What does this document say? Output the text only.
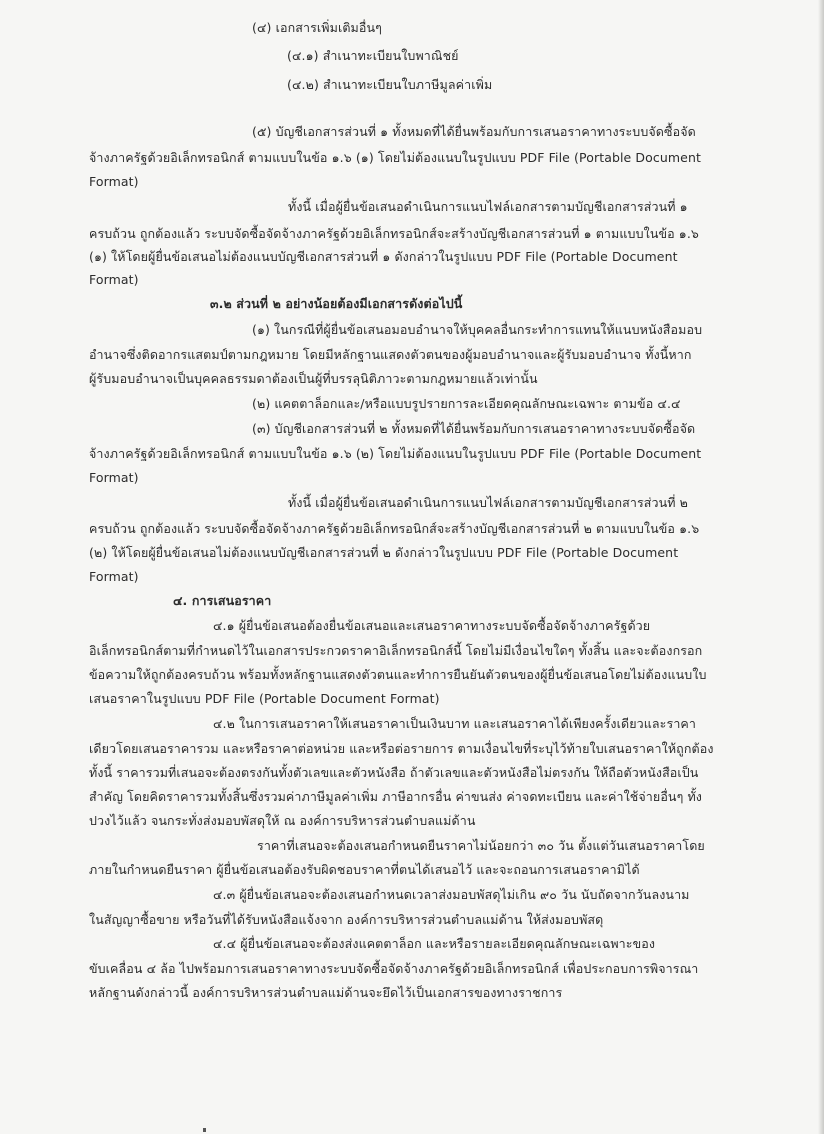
(๔) เอกสารเพิ่มเติมอื่นๆ
(๔.๑) สำเนาทะเบียนใบพาณิชย์
(๔.๒) สำเนาทะเบียนใบภาษีมูลค่าเพิ่ม
(๕) บัญชีเอกสารส่วนที่ ๑ ทั้งหมดที่ได้ยื่นพร้อมกับการเสนอราคาทางระบบจัดซื้อจัด
จ้างภาครัฐด้วยอิเล็กทรอนิกส์ ตามแบบในข้อ ๑.๖ (๑) โดยไม่ต้องแนบในรูปแบบ PDF File (Portable Document
Format)
ทั้งนี้ เมื่อผู้ยื่นข้อเสนอดำเนินการแนบไฟล์เอกสารตามบัญชีเอกสารส่วนที่ ๑
ครบถ้วน ถูกต้องแล้ว ระบบจัดซื้อจัดจ้างภาครัฐด้วยอิเล็กทรอนิกส์จะสร้างบัญชีเอกสารส่วนที่ ๑ ตามแบบในข้อ ๑.๖
(๑) ให้โดยผู้ยื่นข้อเสนอไม่ต้องแนบบัญชีเอกสารส่วนที่ ๑ ดังกล่าวในรูปแบบ PDF File (Portable Document
Format)
๓.๒ ส่วนที่ ๒ อย่างน้อยต้องมีเอกสารดังต่อไปนี้
(๑) ในกรณีที่ผู้ยื่นข้อเสนอมอบอำนาจให้บุคคลอื่นกระทำการแทนให้แนบหนังสือมอบ
อำนาจซึ่งติดอากรแสตมป์ตามกฎหมาย โดยมีหลักฐานแสดงตัวตนของผู้มอบอำนาจและผู้รับมอบอำนาจ ทั้งนี้หาก
ผู้รับมอบอำนาจเป็นบุคคลธรรมดาต้องเป็นผู้ที่บรรลุนิติภาวะตามกฎหมายแล้วเท่านั้น
(๒) แคตตาล็อกและ/หรือแบบรูปรายการละเอียดคุณลักษณะเฉพาะ ตามข้อ ๔.๔
(๓) บัญชีเอกสารส่วนที่ ๒ ทั้งหมดที่ได้ยื่นพร้อมกับการเสนอราคาทางระบบจัดซื้อจัด
จ้างภาครัฐด้วยอิเล็กทรอนิกส์ ตามแบบในข้อ ๑.๖ (๒) โดยไม่ต้องแนบในรูปแบบ PDF File (Portable Document
Format)
ทั้งนี้ เมื่อผู้ยื่นข้อเสนอดำเนินการแนบไฟล์เอกสารตามบัญชีเอกสารส่วนที่ ๒
ครบถ้วน ถูกต้องแล้ว ระบบจัดซื้อจัดจ้างภาครัฐด้วยอิเล็กทรอนิกส์จะสร้างบัญชีเอกสารส่วนที่ ๒ ตามแบบในข้อ ๑.๖
(๒) ให้โดยผู้ยื่นข้อเสนอไม่ต้องแนบบัญชีเอกสารส่วนที่ ๒ ดังกล่าวในรูปแบบ PDF File (Portable Document
Format)
๔. การเสนอราคา
๔.๑ ผู้ยื่นข้อเสนอต้องยื่นข้อเสนอและเสนอราคาทางระบบจัดซื้อจัดจ้างภาครัฐด้วย
อิเล็กทรอนิกส์ตามที่กำหนดไว้ในเอกสารประกวดราคาอิเล็กทรอนิกส์นี้ โดยไม่มีเงื่อนไขใดๆ ทั้งสิ้น และจะต้องกรอก
ข้อความให้ถูกต้องครบถ้วน พร้อมทั้งหลักฐานแสดงตัวตนและทำการยืนยันตัวตนของผู้ยื่นข้อเสนอโดยไม่ต้องแนบใบ
เสนอราคาในรูปแบบ PDF File (Portable Document Format)
๔.๒ ในการเสนอราคาให้เสนอราคาเป็นเงินบาท และเสนอราคาได้เพียงครั้งเดียวและราคา
เดียวโดยเสนอราคารวม และหรือราคาต่อหน่วย และหรือต่อรายการ ตามเงื่อนไขที่ระบุไว้ท้ายใบเสนอราคาให้ถูกต้อง
ทั้งนี้ ราคารวมที่เสนอจะต้องตรงกันทั้งตัวเลขและตัวหนังสือ ถ้าตัวเลขและตัวหนังสือไม่ตรงกัน ให้ถือตัวหนังสือเป็น
สำคัญ โดยคิดราคารวมทั้งสิ้นซึ่งรวมค่าภาษีมูลค่าเพิ่ม ภาษีอากรอื่น ค่าขนส่ง ค่าจดทะเบียน และค่าใช้จ่ายอื่นๆ ทั้ง
ปวงไว้แล้ว จนกระทั่งส่งมอบพัสดุให้ ณ องค์การบริหารส่วนตำบลแม่ด้าน
ราคาที่เสนอจะต้องเสนอกำหนดยืนราคาไม่น้อยกว่า ๓๐ วัน ตั้งแต่วันเสนอราคาโดย
ภายในกำหนดยืนราคา ผู้ยื่นข้อเสนอต้องรับผิดชอบราคาที่ตนได้เสนอไว้ และจะถอนการเสนอราคามิได้
๔.๓ ผู้ยื่นข้อเสนอจะต้องเสนอกำหนดเวลาส่งมอบพัสดุไม่เกิน ๙๐ วัน นับถัดจากวันลงนาม
ในสัญญาซื้อขาย หรือวันที่ได้รับหนังสือแจ้งจาก องค์การบริหารส่วนตำบลแม่ด้าน ให้ส่งมอบพัสดุ
๔.๔ ผู้ยื่นข้อเสนอจะต้องส่งแคตตาล็อก และหรือรายละเอียดคุณลักษณะเฉพาะของ
ขับเคลื่อน ๔ ล้อ ไปพร้อมการเสนอราคาทางระบบจัดซื้อจัดจ้างภาครัฐด้วยอิเล็กทรอนิกส์ เพื่อประกอบการพิจารณา
หลักฐานดังกล่าวนี้ องค์การบริหารส่วนตำบลแม่ด้านจะยึดไว้เป็นเอกสารของทางราชการ
